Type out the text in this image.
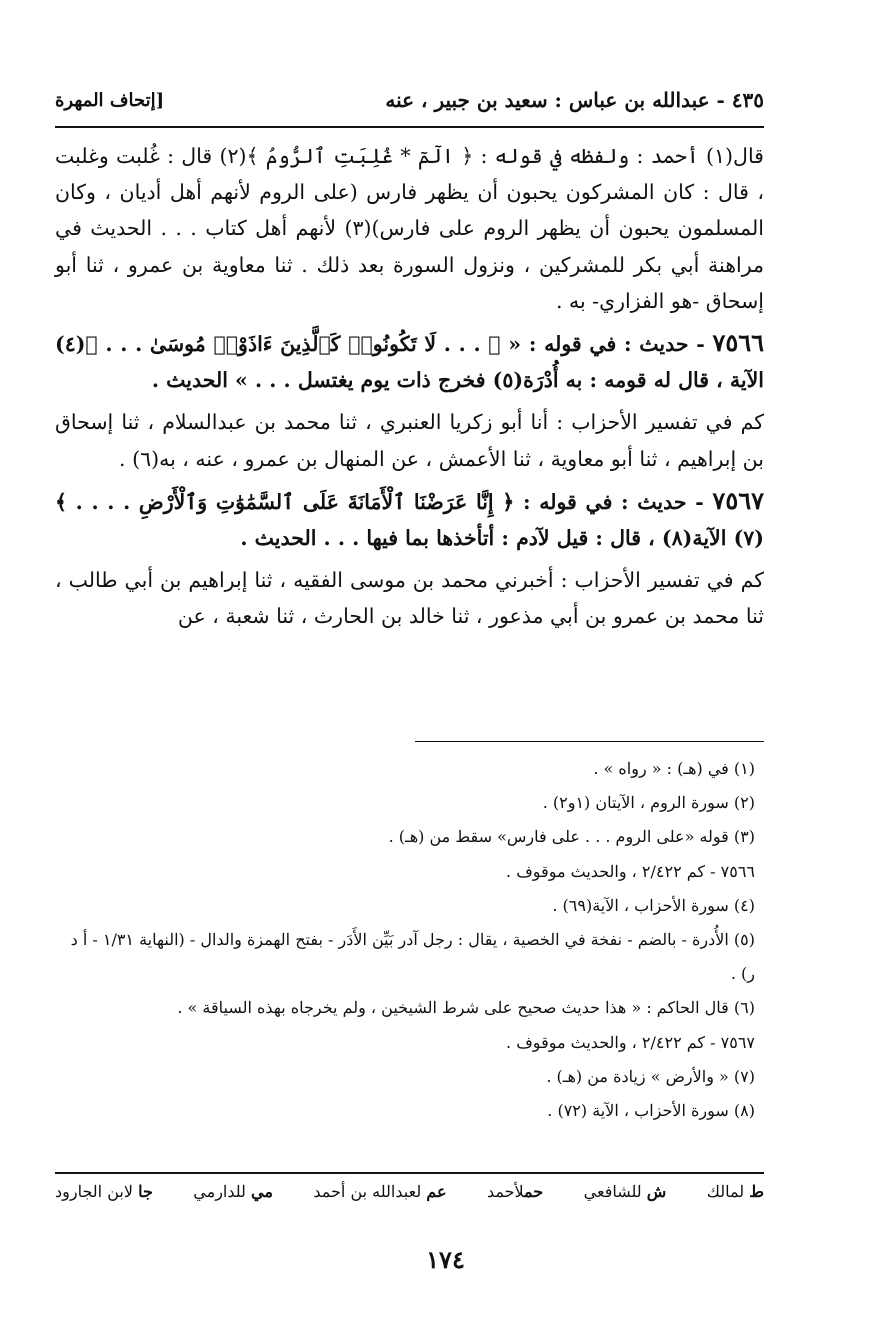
٤٣٥ - عبدالله بن عباس : سعيد بن جبير ، عنه
[إتحاف المهرة

قال(١) أحمد : ولفظه في قوله : ﴿ الٓمٓ * غُلِبَتِ ٱلرُّومُ ﴾(٢) قال : غُلبت وغلبت ، قال : كان المشركون يحبون أن يظهر فارس (على الروم لأنهم أهل أديان ، وكان المسلمون يحبون أن يظهر الروم على فارس)(٣) لأنهم أهل كتاب . . . الحديث في مراهنة أبي بكر للمشركين ، ونزول السورة بعد ذلك . ثنا معاوية بن عمرو ، ثنا أبو إسحاق -هو الفزاري- به .

٧٥٦٦ - حديث : في قوله : « ﴿ . . . لَا تَكُونُوا۟ كَٱلَّذِينَ ءَاذَوْا۟ مُوسَىٰ . . . ﴾(٤) الآية ، قال له قومه : به أُدْرَة(٥) فخرج ذات يوم يغتسل . . . » الحديث .

كم في تفسير الأحزاب : أنا أبو زكريا العنبري ، ثنا محمد بن عبدالسلام ، ثنا إسحاق بن إبراهيم ، ثنا أبو معاوية ، ثنا الأعمش ، عن المنهال بن عمرو ، عنه ، به(٦) .

٧٥٦٧ - حديث : في قوله : ﴿ إِنَّا عَرَضْنَا ٱلْأَمَانَةَ عَلَى ٱلسَّمَٰوَٰتِ وَٱلْأَرْضِ . . . . ﴾(٧) الآية(٨) ، قال : قيل لآدم : أتأخذها بما فيها . . . الحديث .

كم في تفسير الأحزاب : أخبرني محمد بن موسى الفقيه ، ثنا إبراهيم بن أبي طالب ، ثنا محمد بن عمرو بن أبي مذعور ، ثنا خالد بن الحارث ، ثنا شعبة ، عن

(١) في (هـ) : « رواه » .
(٢) سورة الروم ، الآيتان (١و٢) .
(٣) قوله «على الروم . . . على فارس» سقط من (هـ) .
٧٥٦٦ - كم ٢/٤٢٢ ، والحديث موقوف .
(٤) سورة الأحزاب ، الآية(٦٩) .
(٥) الأُدرة - بالضم - نفخة في الخصية ، يقال : رجل آدر بَيِّن الأَدَر - بفتح الهمزة والدال - (النهاية ١/٣١ - أ د ر) .
(٦) قال الحاكم : « هذا حديث صحيح على شرط الشيخين ، ولم يخرجاه بهذه السياقة » .
٧٥٦٧ - كم ٢/٤٢٢ ، والحديث موقوف .
(٧) « والأرض » زيادة من (هـ) .
(٨) سورة الأحزاب ، الآية (٧٢) .
ط لمالك
ش للشافعي
حملأحمد
عم لعبدالله بن أحمد
مي للدارمي
جا لابن الجارود
١٧٤
